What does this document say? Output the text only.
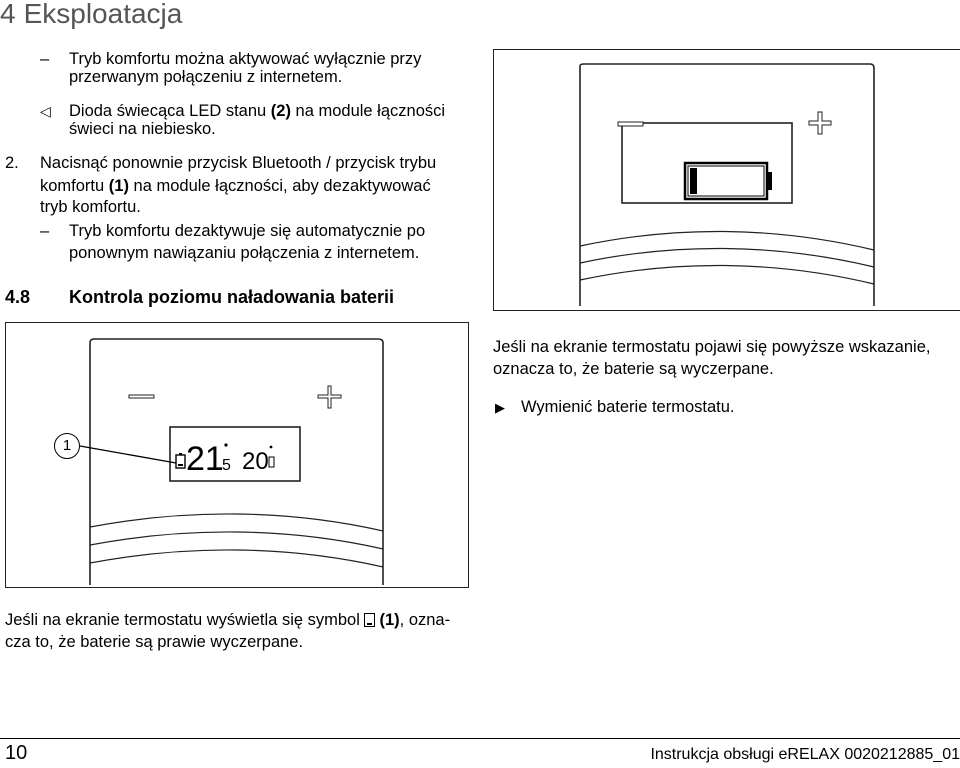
4 Eksploatacja
– Tryb komfortu można aktywować wyłącznie przy
przerwanym połączeniu z internetem.
◁ Dioda świecąca LED stanu (2) na module łączności
świeci na niebiesko.
2. Nacisnąć ponownie przycisk Bluetooth / przycisk trybu
komfortu (1) na module łączności, aby dezaktywować
tryb komfortu.
– Tryb komfortu dezaktywuje się automatycznie po
ponownym nawiązaniu połączenia z internetem.
4.8 Kontrola poziomu naładowania baterii
21
5 20
1
Jeśli na ekranie termostatu pojawi się powyższe wskazanie,
oznacza to, że baterie są wyczerpane.
▶ Wymienić baterie termostatu.
Jeśli na ekranie termostatu wyświetla się symbol
(1), ozna-
cza to, że baterie są prawie wyczerpane.
10	Instrukcja obsługi eRELAX 0020212885_01
